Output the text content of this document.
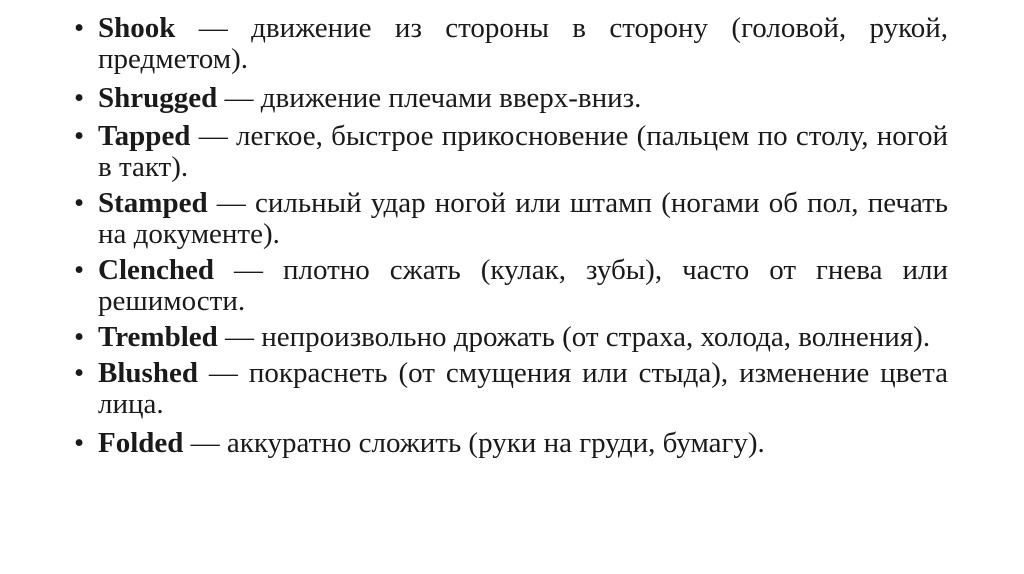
• Shook — движение из стороны в сторону (головой, рукой, предметом).
• Shrugged — движение плечами вверх-вниз.
• Tapped — легкое, быстрое прикосновение (пальцем по столу, ногой в такт).
• Stamped — сильный удар ногой или штамп (ногами об пол, печать на документе).
• Clenched — плотно сжать (кулак, зубы), часто от гнева или решимости.
• Trembled — непроизвольно дрожать (от страха, холода, волнения).
• Blushed — покраснеть (от смущения или стыда), изменение цвета лица.
• Folded — аккуратно сложить (руки на груди, бумагу).
